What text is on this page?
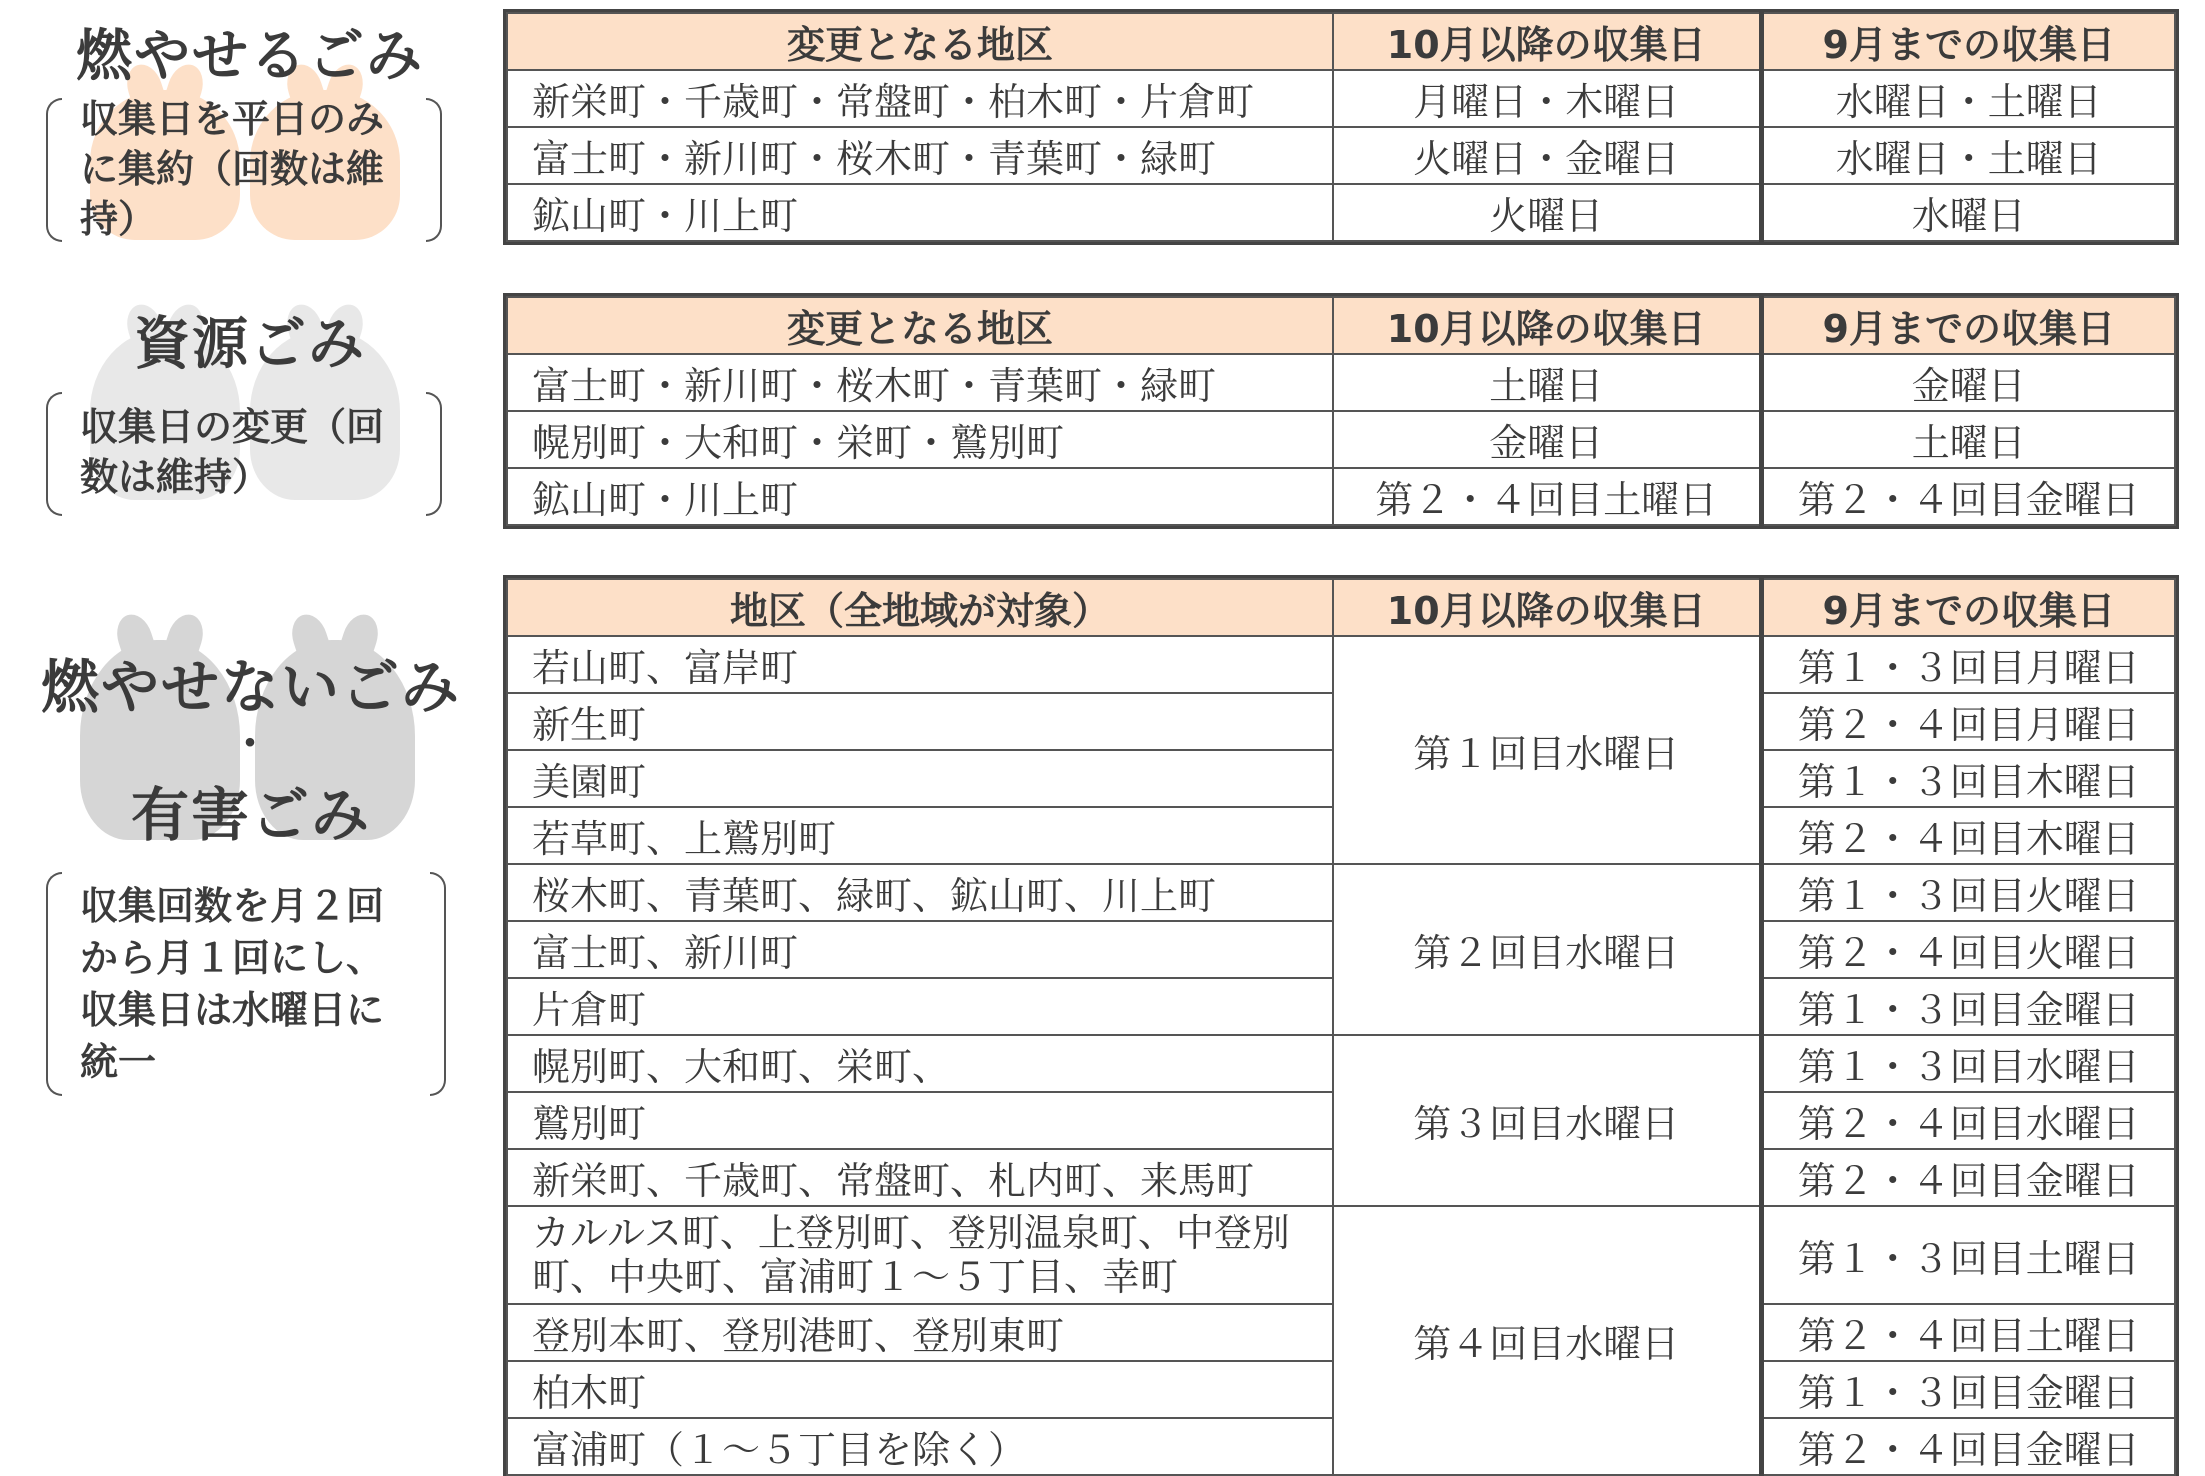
燃やせるごみ
収集日を平日のみに集約（回数は維持）
変更となる地区	10月以降の収集日	9月までの収集日
新栄町・千歳町・常盤町・柏木町・片倉町	月曜日・木曜日	水曜日・土曜日
富士町・新川町・桜木町・青葉町・緑町	火曜日・金曜日	水曜日・土曜日
鉱山町・川上町	火曜日	水曜日
資源ごみ
収集日の変更（回数は維持）
変更となる地区	10月以降の収集日	9月までの収集日
富士町・新川町・桜木町・青葉町・緑町	土曜日	金曜日
幌別町・大和町・栄町・鷲別町	金曜日	土曜日
鉱山町・川上町	第２・４回目土曜日	第２・４回目金曜日
燃やせないごみ
・
有害ごみ
収集回数を月２回から月１回にし、収集日は水曜日に統一
地区（全地域が対象）	10月以降の収集日	9月までの収集日
若山町、富岸町	第１回目水曜日	第１・３回目月曜日
新生町		第２・４回目月曜日
美園町		第１・３回目木曜日
若草町、上鷲別町		第２・４回目木曜日
桜木町、青葉町、緑町、鉱山町、川上町	第２回目水曜日	第１・３回目火曜日
富士町、新川町		第２・４回目火曜日
片倉町		第１・３回目金曜日
幌別町、大和町、栄町、	第３回目水曜日	第１・３回目水曜日
鷲別町		第２・４回目水曜日
新栄町、千歳町、常盤町、札内町、来馬町		第２・４回目金曜日
カルルス町、上登別町、登別温泉町、中登別町、中央町、富浦町１～５丁目、幸町	第４回目水曜日	第１・３回目土曜日
登別本町、登別港町、登別東町		第２・４回目土曜日
柏木町		第１・３回目金曜日
富浦町（１～５丁目を除く）		第２・４回目金曜日
